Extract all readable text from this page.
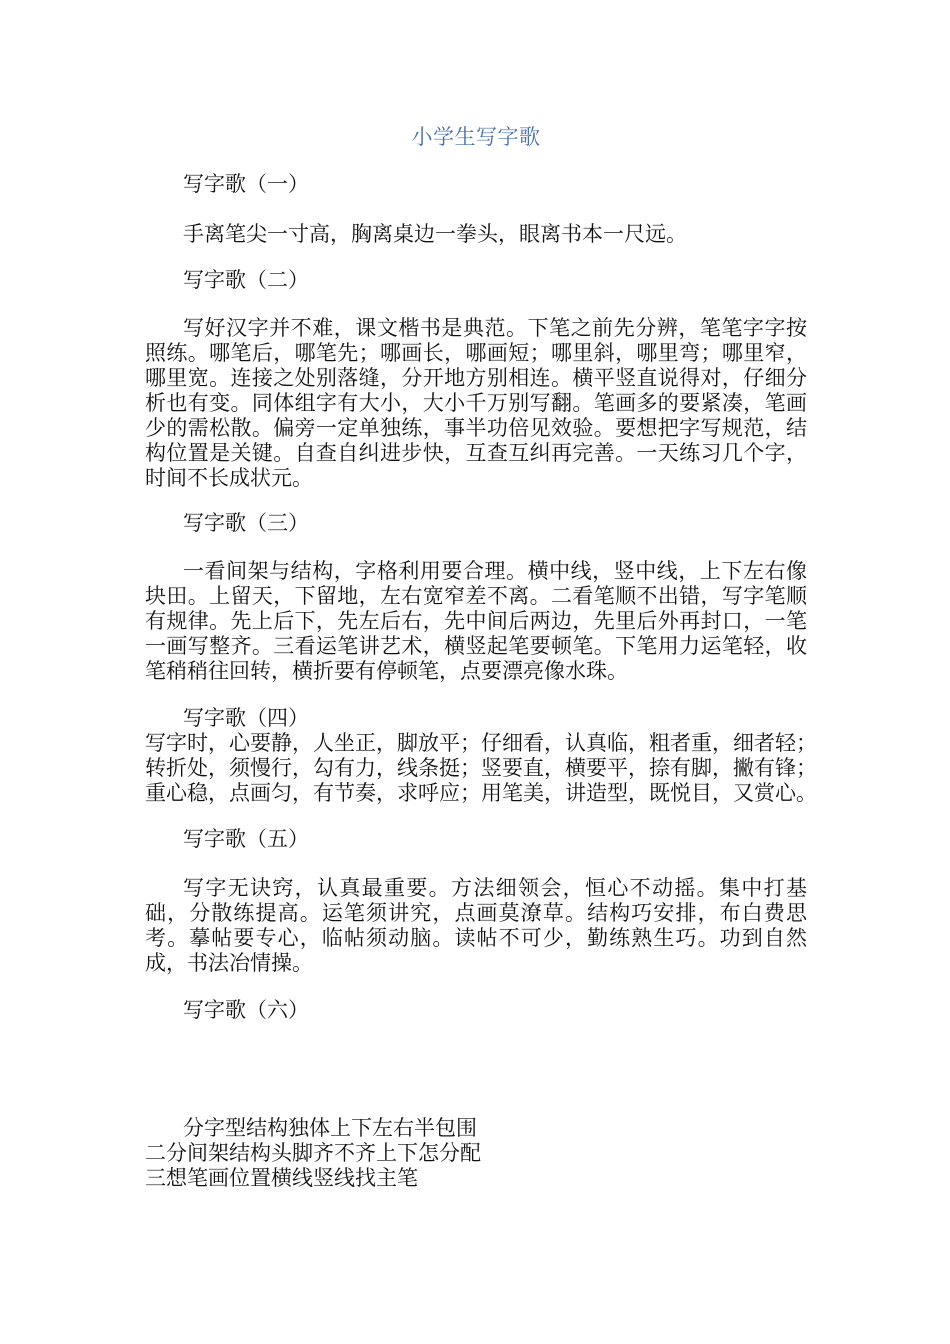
小学生写字歌
写字歌（一）
手离笔尖一寸高，胸离桌边一拳头，眼离书本一尺远。
写字歌（二）
写好汉字并不难，课文楷书是典范。下笔之前先分辨，笔笔字字按照练。哪笔后，哪笔先；哪画长，哪画短；哪里斜，哪里弯；哪里窄，哪里宽。连接之处别落缝，分开地方别相连。横平竖直说得对，仔细分析也有变。同体组字有大小，大小千万别写翻。笔画多的要紧凑，笔画少的需松散。偏旁一定单独练，事半功倍见效验。要想把字写规范，结构位置是关键。自查自纠进步快，互查互纠再完善。一天练习几个字，时间不长成状元。
写字歌（三）
一看间架与结构，字格利用要合理。横中线，竖中线，上下左右像块田。上留天，下留地，左右宽窄差不离。二看笔顺不出错，写字笔顺有规律。先上后下，先左后右，先中间后两边，先里后外再封口，一笔一画写整齐。三看运笔讲艺术，横竖起笔要顿笔。下笔用力运笔轻，收笔稍稍往回转，横折要有停顿笔，点要漂亮像水珠。
写字歌（四）
写字时，心要静，人坐正，脚放平；仔细看，认真临，粗者重，细者轻；
转折处，须慢行，勾有力，线条挺；竖要直，横要平，捺有脚，撇有锋；
重心稳，点画匀，有节奏，求呼应；用笔美，讲造型，既悦目，又赏心。
写字歌（五）
写字无诀窍，认真最重要。方法细领会，恒心不动摇。集中打基础，分散练提高。运笔须讲究，点画莫潦草。结构巧安排，布白费思考。摹帖要专心，临帖须动脑。读帖不可少，勤练熟生巧。功到自然成，书法冶情操。
写字歌（六）
分字型结构独体上下左右半包围
二分间架结构头脚齐不齐上下怎分配
三想笔画位置横线竖线找主笔
